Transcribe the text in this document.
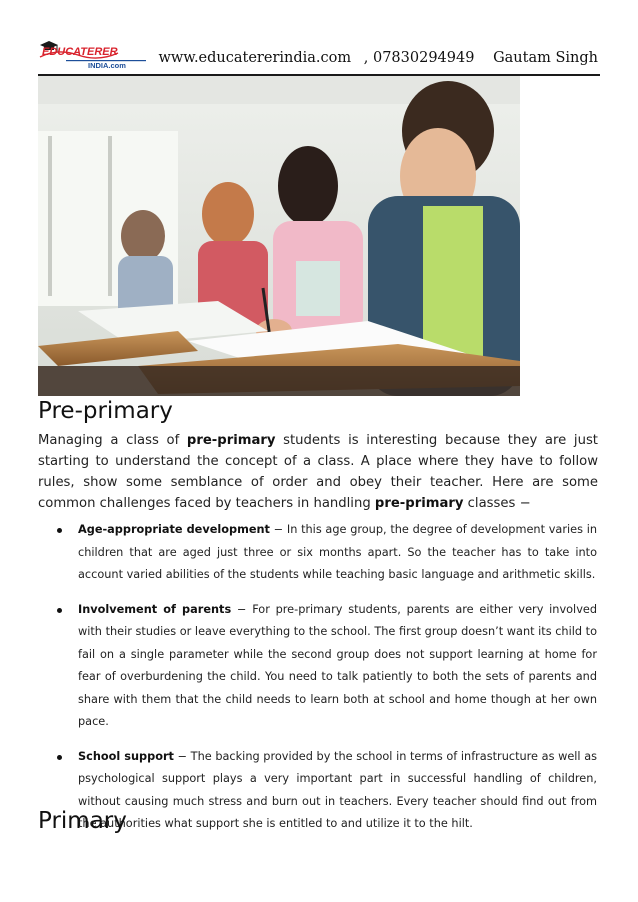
EDUCATERER
INDIA.com	www.educatererindia.com , 07830294949 Gautam Singh
Pre-primary

Managing a class of pre-primary students is interesting because they are just starting to understand the concept of a class. A place where they have to follow rules, show some semblance of order and obey their teacher. Here are some common challenges faced by teachers in handling pre-primary classes −

Age-appropriate development − In this age group, the degree of development varies in children that are aged just three or six months apart. So the teacher has to take into account varied abilities of the students while teaching basic language and arithmetic skills.
Involvement of parents − For pre-primary students, parents are either very involved with their studies or leave everything to the school. The first group doesn’t want its child to fail on a single parameter while the second group does not support learning at home for fear of overburdening the child. You need to talk patiently to both the sets of parents and share with them that the child needs to learn both at school and home though at her own pace.
School support − The backing provided by the school in terms of infrastructure as well as psychological support plays a very important part in successful handling of children, without causing much stress and burn out in teachers. Every teacher should find out from the authorities what support she is entitled to and utilize it to the hilt.
Primary
